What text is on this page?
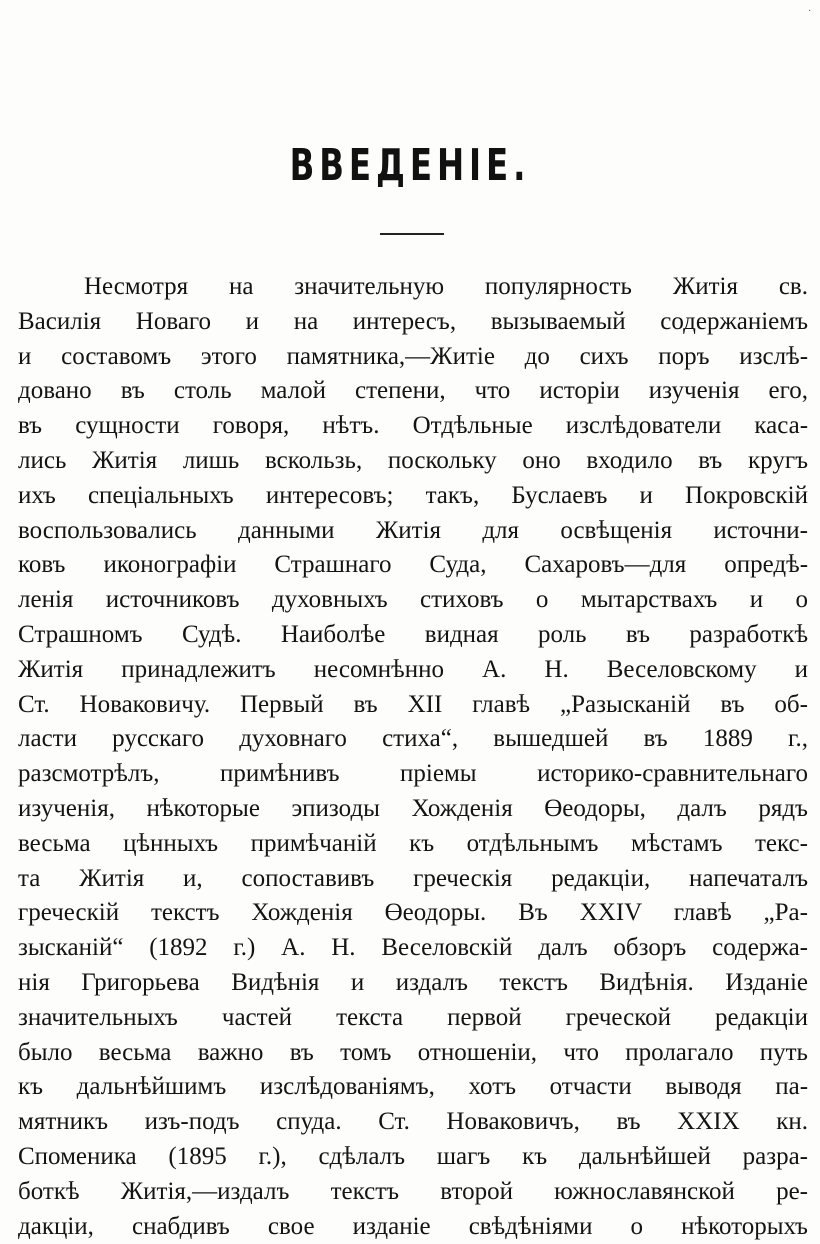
·
ВВЕДЕНІЕ.
Несмотря на значительную популярность Житія св.
Василія Новаго и на интересъ, вызываемый содержаніемъ
и составомъ этого памятника,—Житіе до сихъ поръ изслѣ-
довано въ столь малой степени, что исторіи изученія его,
въ сущности говоря, нѣтъ. Отдѣльные изслѣдователи каса-
лись Житія лишь вскользь, поскольку оно входило въ кругъ
ихъ спеціальныхъ интересовъ; такъ, Буслаевъ и Покровскій
воспользовались данными Житія для освѣщенія источни-
ковъ иконографіи Страшнаго Суда, Сахаровъ—для опредѣ-
ленія источниковъ духовныхъ стиховъ о мытарствахъ и о
Страшномъ Судѣ. Наиболѣе видная роль въ разработкѣ
Житія принадлежитъ несомнѣнно А. Н. Веселовскому и
Ст. Новаковичу. Первый въ XII главѣ „Разысканій въ об-
ласти русскаго духовнаго стиха“, вышедшей въ 1889 г.,
разсмотрѣлъ, примѣнивъ пріемы историко-сравнительнаго
изученія, нѣкоторые эпизоды Хожденія Өеодоры, далъ рядъ
весьма цѣнныхъ примѣчаній къ отдѣльнымъ мѣстамъ текс-
та Житія и, сопоставивъ греческія редакціи, напечаталъ
греческій текстъ Хожденія Өеодоры. Въ XXIV главѣ „Ра-
зысканій“ (1892 г.) А. Н. Веселовскій далъ обзоръ содержа-
нія Григорьева Видѣнія и издалъ текстъ Видѣнія. Изданіе
значительныхъ частей текста первой греческой редакціи
было весьма важно въ томъ отношеніи, что пролагало путь
къ дальнѣйшимъ изслѣдованіямъ, хотъ отчасти выводя па-
мятникъ изъ-подъ спуда. Ст. Новаковичъ, въ XXIX кн.
Споменика (1895 г.), сдѣлалъ шагъ къ дальнѣйшей разра-
боткѣ Житія,—издалъ текстъ второй южнославянской ре-
дакціи, снабдивъ свое изданіе свѣдѣніями о нѣкоторыхъ
